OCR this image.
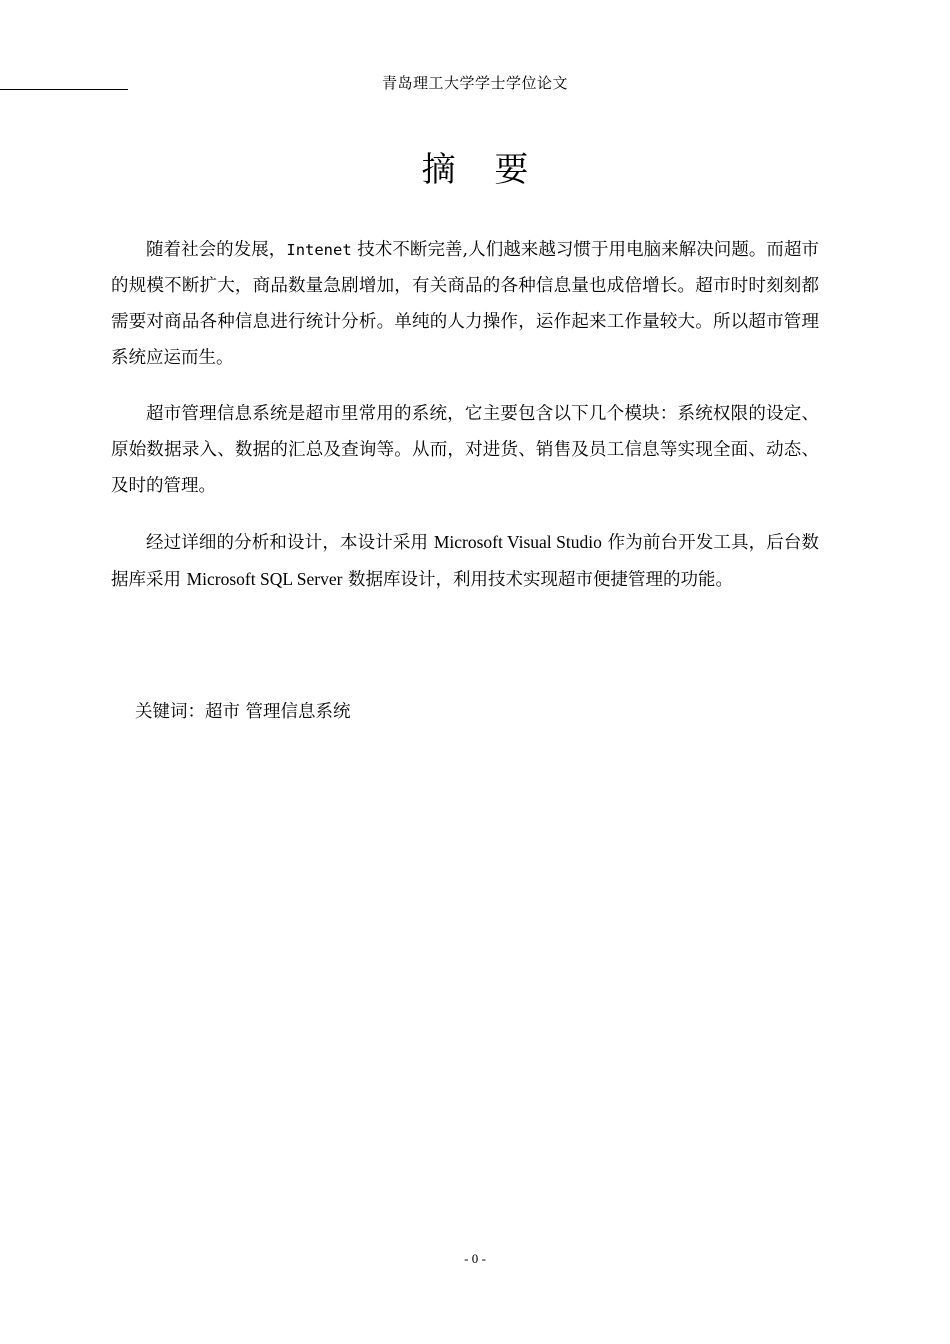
青岛理工大学学士学位论文
摘 要

随着社会的发展，Intenet 技术不断完善,人们越来越习惯于用电脑来解决问题。而超市的规模不断扩大，商品数量急剧增加，有关商品的各种信息量也成倍增长。超市时时刻刻都需要对商品各种信息进行统计分析。单纯的人力操作，运作起来工作量较大。所以超市管理系统应运而生。

超市管理信息系统是超市里常用的系统，它主要包含以下几个模块：系统权限的设定、原始数据录入、数据的汇总及查询等。从而，对进货、销售及员工信息等实现全面、动态、及时的管理。

经过详细的分析和设计，本设计采用 Microsoft Visual Studio 作为前台开发工具，后台数据库采用 Microsoft SQL Server 数据库设计，利用技术实现超市便捷管理的功能。

关键词：超市 管理信息系统
- 0 -
